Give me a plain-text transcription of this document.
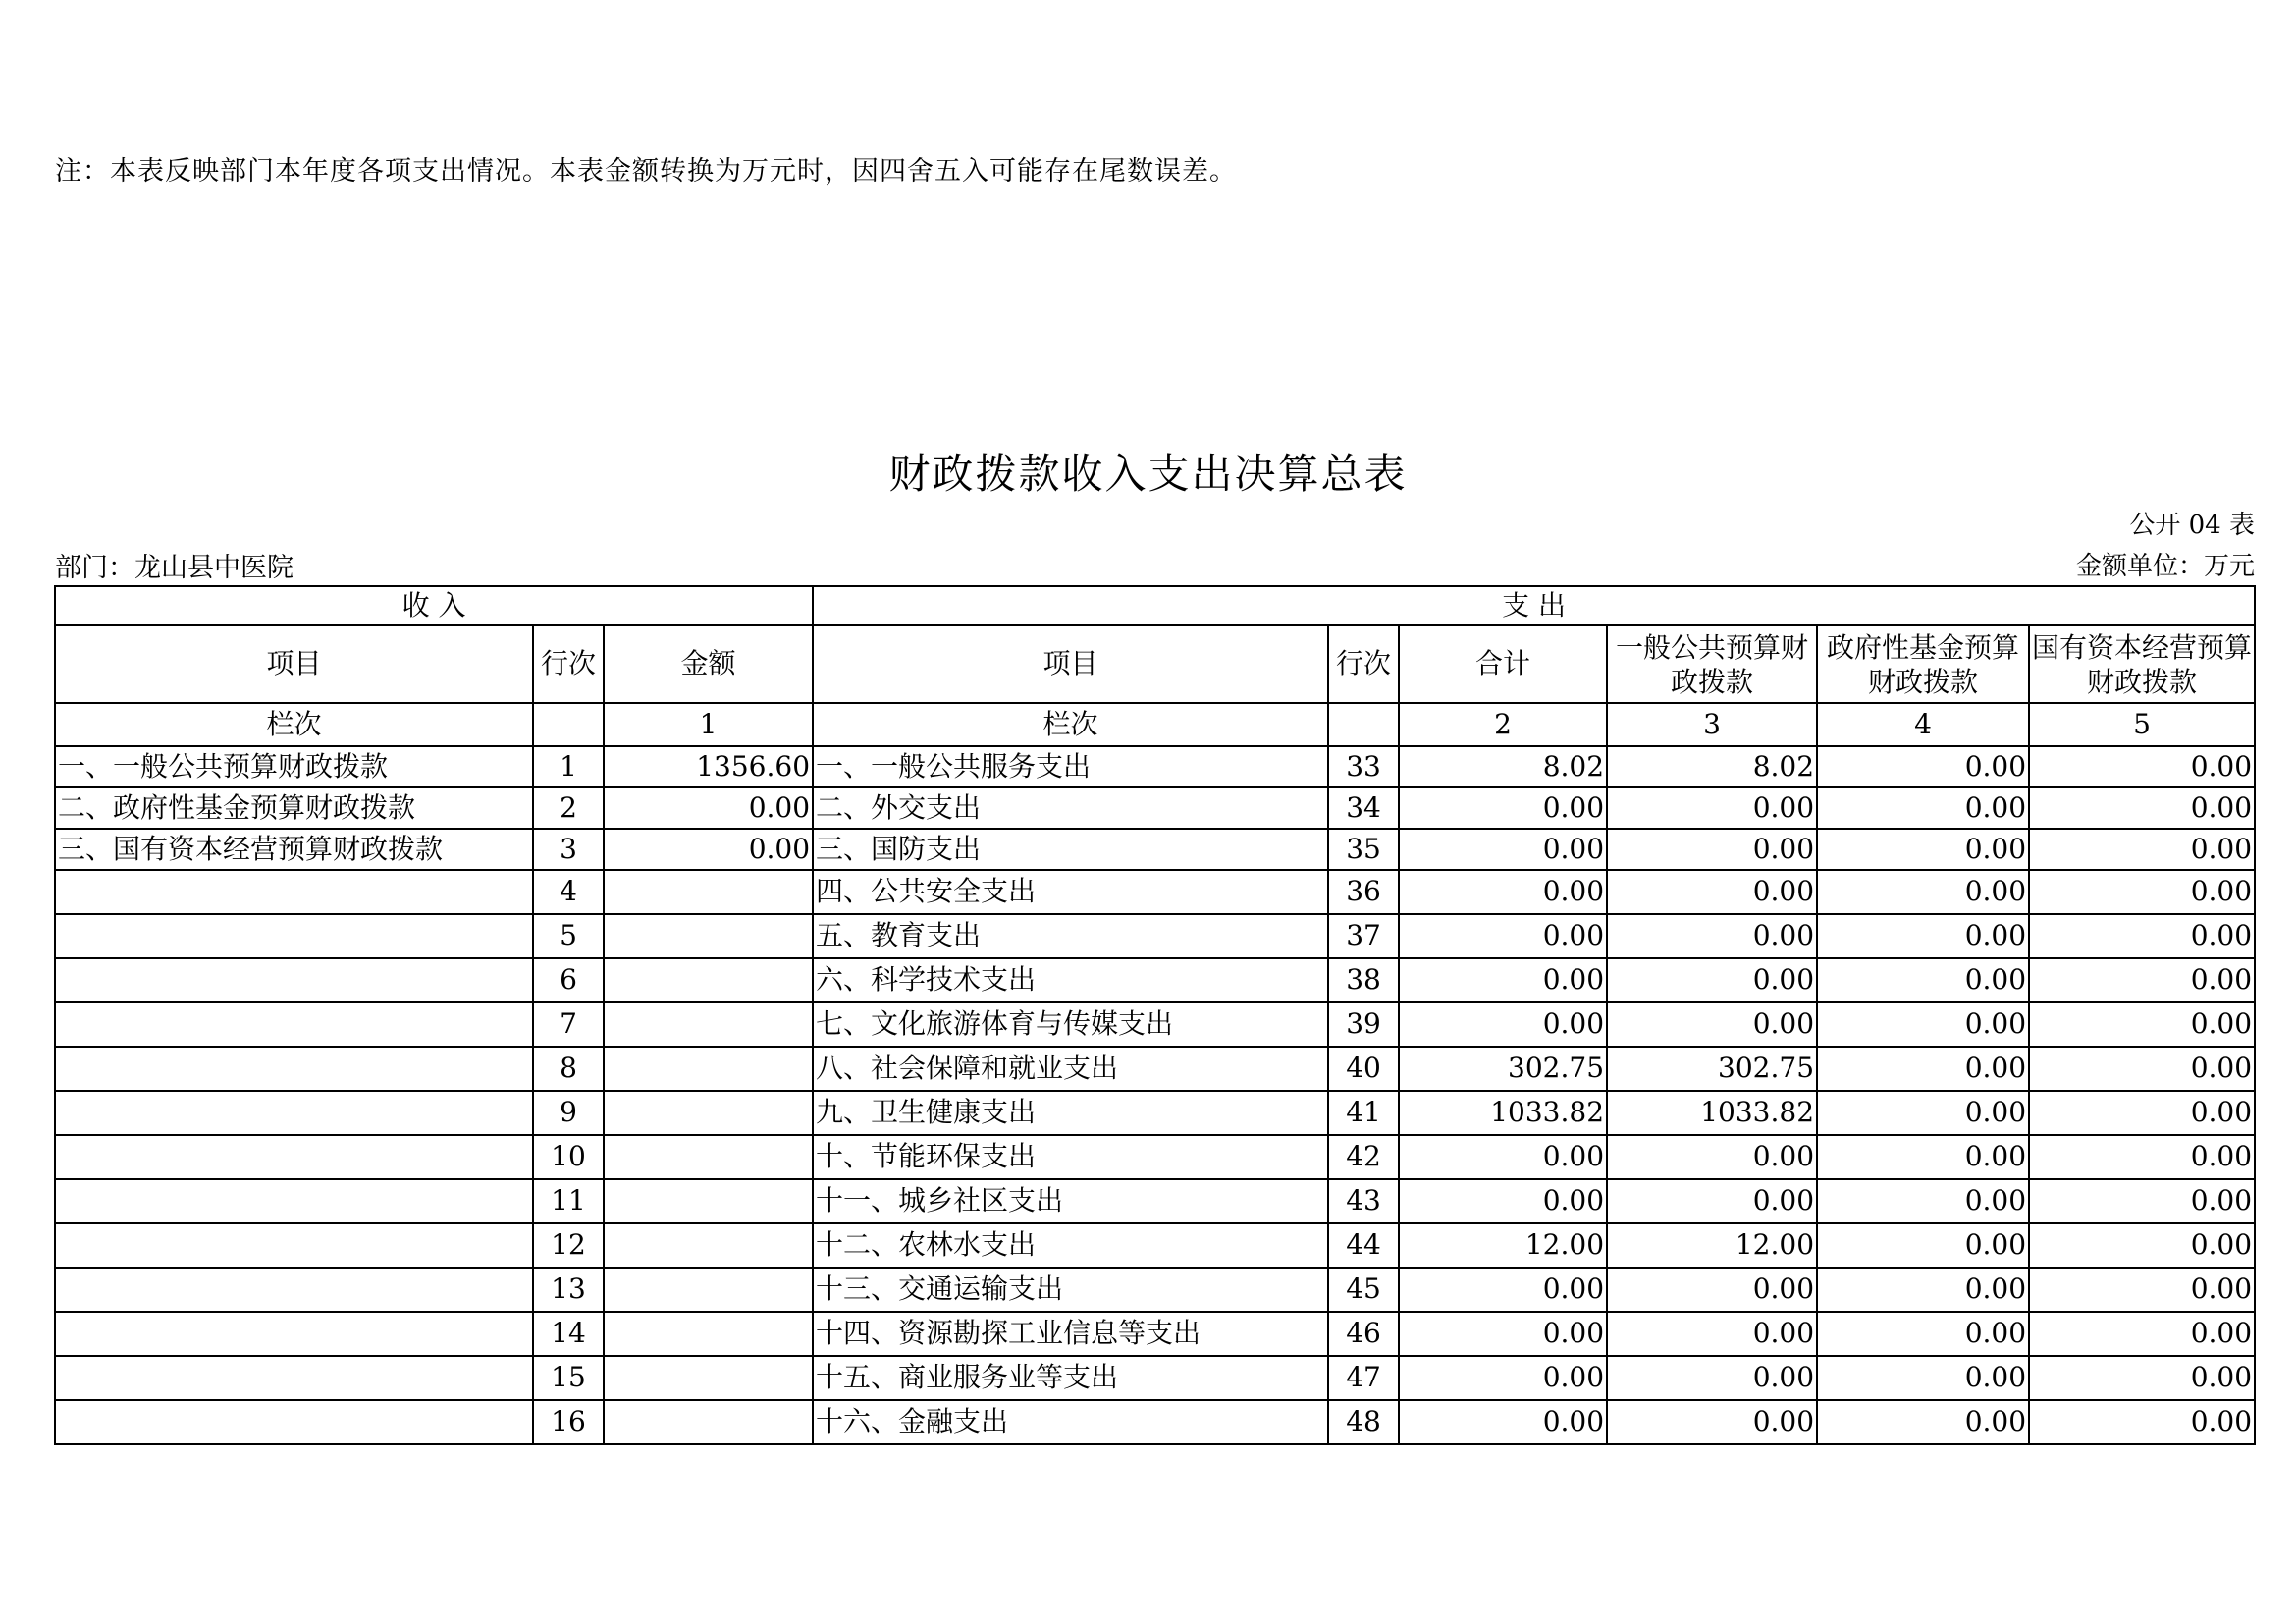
注：本表反映部门本年度各项支出情况。本表金额转换为万元时，因四舍五入可能存在尾数误差。
财政拨款收入支出决算总表
公开 04 表
部门：龙山县中医院	金额单位：万元
收 入			支 出					
项目	行次	金额	项目	行次	合计	一般公共预算财政拨款	政府性基金预算财政拨款	国有资本经营预算财政拨款
栏次		1	栏次		2	3	4	5
一、一般公共预算财政拨款	1	1356.60	一、一般公共服务支出	33	8.02	8.02	0.00	0.00
二、政府性基金预算财政拨款	2	0.00	二、外交支出	34	0.00	0.00	0.00	0.00
三、国有资本经营预算财政拨款	3	0.00	三、国防支出	35	0.00	0.00	0.00	0.00
	4		四、公共安全支出	36	0.00	0.00	0.00	0.00
	5		五、教育支出	37	0.00	0.00	0.00	0.00
	6		六、科学技术支出	38	0.00	0.00	0.00	0.00
	7		七、文化旅游体育与传媒支出	39	0.00	0.00	0.00	0.00
	8		八、社会保障和就业支出	40	302.75	302.75	0.00	0.00
	9		九、卫生健康支出	41	1033.82	1033.82	0.00	0.00
	10		十、节能环保支出	42	0.00	0.00	0.00	0.00
	11		十一、城乡社区支出	43	0.00	0.00	0.00	0.00
	12		十二、农林水支出	44	12.00	12.00	0.00	0.00
	13		十三、交通运输支出	45	0.00	0.00	0.00	0.00
	14		十四、资源勘探工业信息等支出	46	0.00	0.00	0.00	0.00
	15		十五、商业服务业等支出	47	0.00	0.00	0.00	0.00
	16		十六、金融支出	48	0.00	0.00	0.00	0.00
